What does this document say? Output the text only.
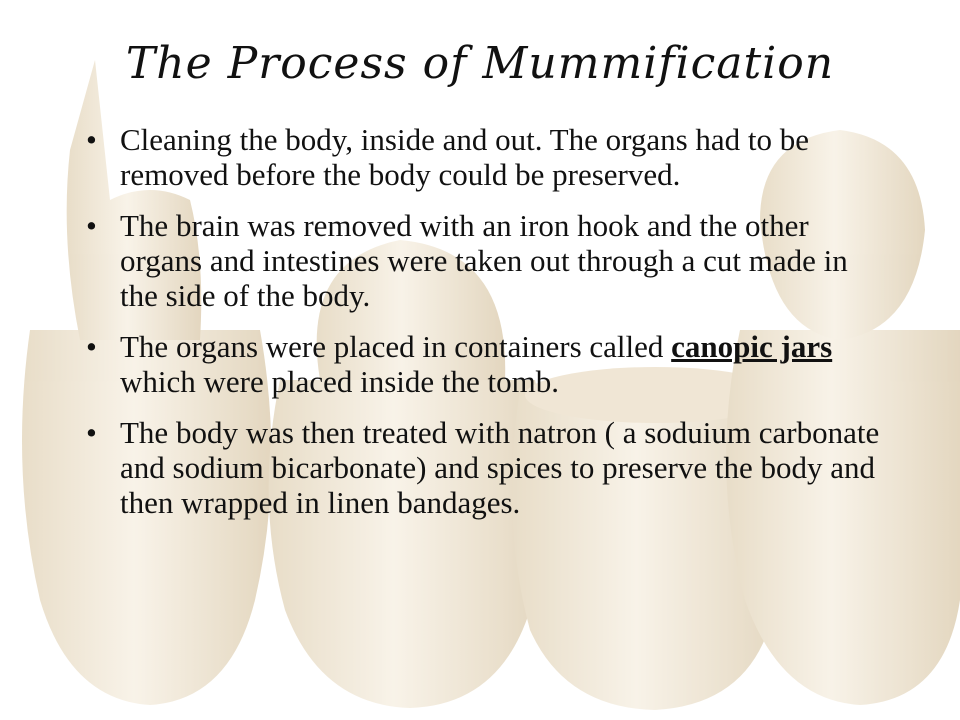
The Process of Mummification
• Cleaning the body, inside and out. The organs had to be removed before the body could be preserved.
• The brain was removed with an iron hook and the other organs and intestines were taken out through a cut made in the side of the body.
• The organs were placed in containers called canopic jars which were placed inside the tomb.
• The body was then treated with natron ( a soduium carbonate and sodium bicarbonate) and spices to preserve the body and then wrapped in linen bandages.
